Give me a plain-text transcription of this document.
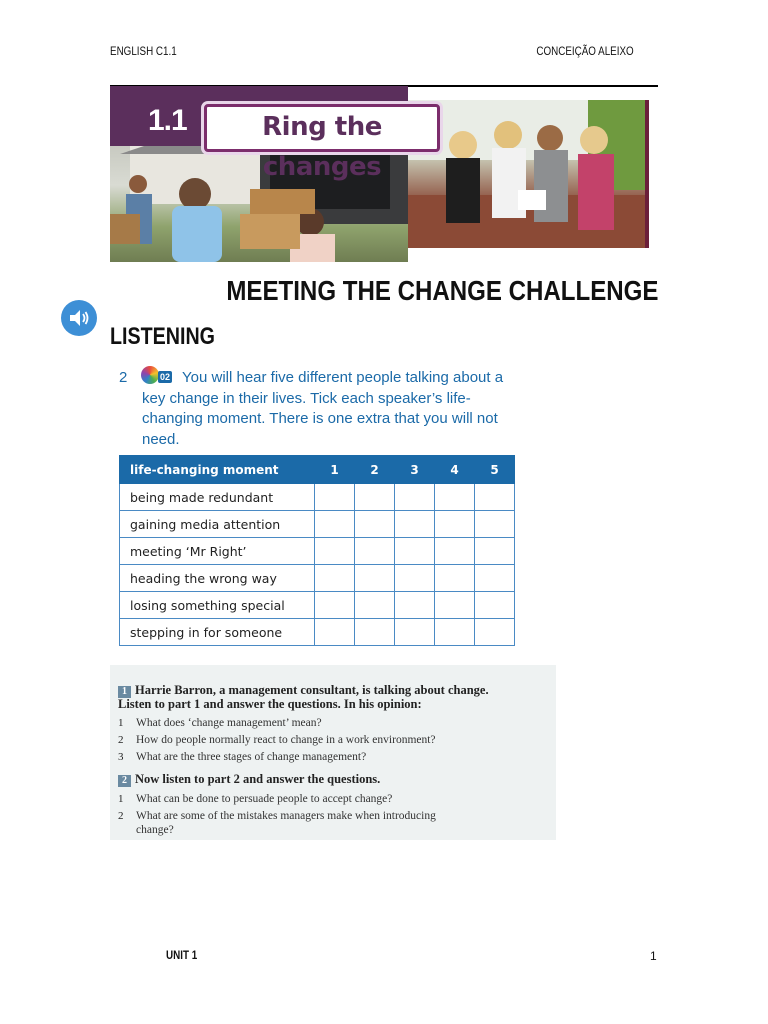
ENGLISH C1.1	CONCEIÇÃO ALEIXO
1.1	Ring the changes
MEETING THE CHANGE CHALLENGE
LISTENING
2	You will hear five different people talking about a key change in their lives. Tick each speaker’s life-changing moment. There is one extra that you will not need.
02
life-changing moment	1	2	3	4	5
being made redundant					
gaining media attention					
meeting ‘Mr Right’					
heading the wrong way					
losing something special					
stepping in for someone					
1 Harrie Barron, a management consultant, is talking about change.
Listen to part 1 and answer the questions. In his opinion:
1 What does ‘change management’ mean?
2 How do people normally react to change in a work environment?
3 What are the three stages of change management?
2 Now listen to part 2 and answer the questions.
1 What can be done to persuade people to accept change?
2 What are some of the mistakes managers make when introducing
change?
UNIT 1	1
